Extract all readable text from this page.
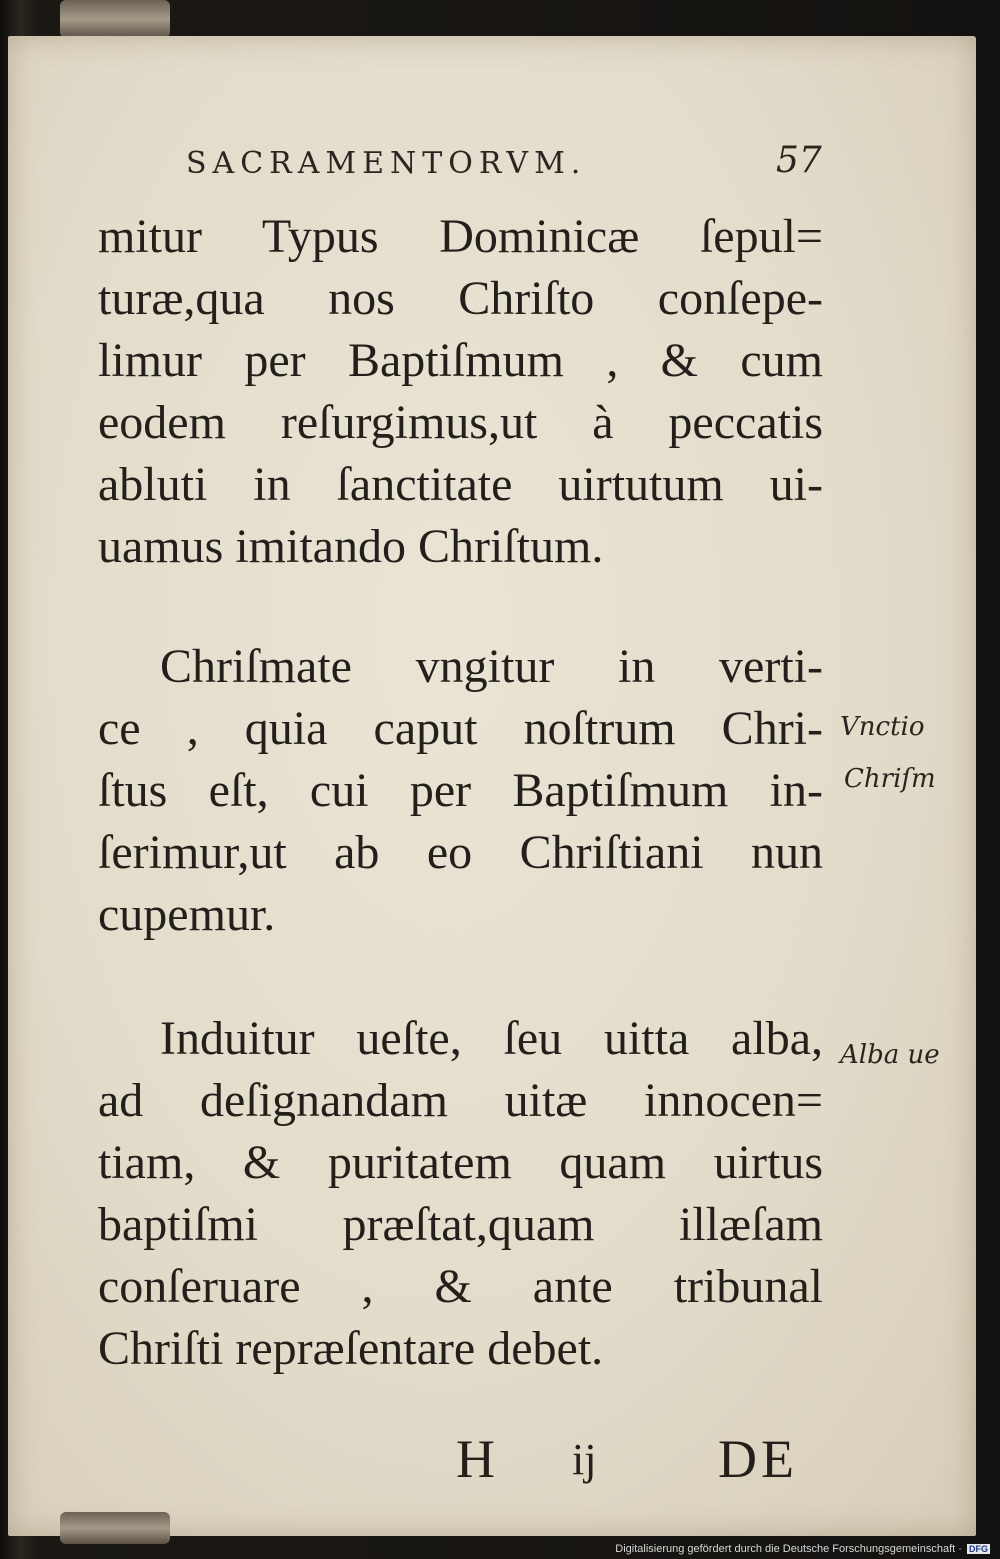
SACRAMENTORVM.	57
mitur Typus Dominicæ ſepul=
turæ,qua nos Chriſto conſepe-
limur per Baptiſmum , & cum
eodem reſurgimus,ut à peccatis
abluti in ſanctitate uirtutum ui-
uamus imitando Chriſtum.
Chriſmate vngitur in verti-
ce , quia caput noſtrum Chri-
ſtus eſt, cui per Baptiſmum in-
ſerimur,ut ab eo Chriſtiani nun
cupemur.
Induitur ueſte, ſeu uitta alba,
ad deſignandam uitæ innocen=
tiam, & puritatem quam uirtus
baptiſmi præſtat,quam illæſam
conſeruare , & ante tribunal
Chriſti repræſentare debet.
Vnctio
Chriſm
Alba ue
H ij DE
Digitalisierung gefördert durch die Deutsche Forschungsgemeinschaft · DFG
